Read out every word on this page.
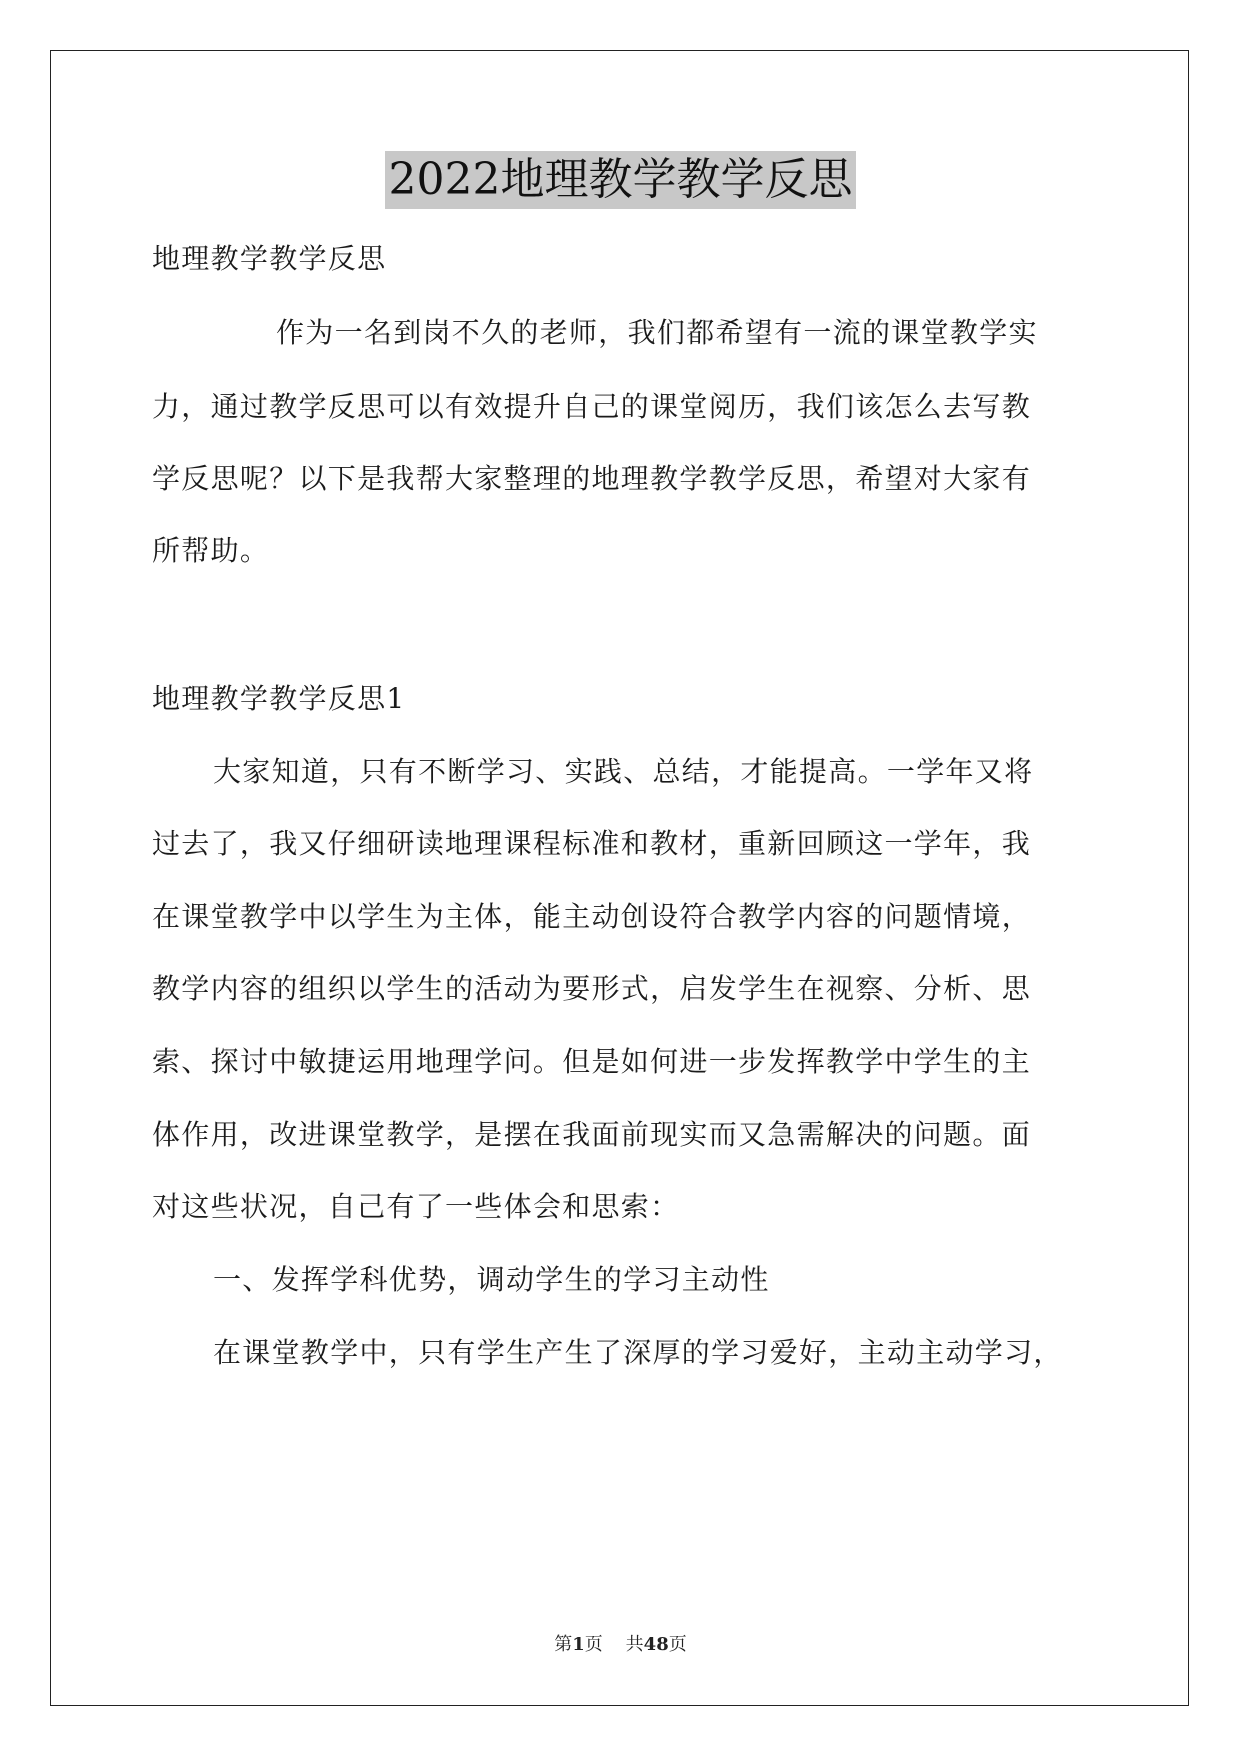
2022地理教学教学反思
地理教学教学反思
作为一名到岗不久的老师，我们都希望有一流的课堂教学实
力，通过教学反思可以有效提升自己的课堂阅历，我们该怎么去写教
学反思呢？以下是我帮大家整理的地理教学教学反思，希望对大家有
所帮助。
地理教学教学反思1
大家知道，只有不断学习、实践、总结，才能提高。一学年又将
过去了，我又仔细研读地理课程标准和教材，重新回顾这一学年，我
在课堂教学中以学生为主体，能主动创设符合教学内容的问题情境，
教学内容的组织以学生的活动为要形式，启发学生在视察、分析、思
索、探讨中敏捷运用地理学问。但是如何进一步发挥教学中学生的主
体作用，改进课堂教学，是摆在我面前现实而又急需解决的问题。面
对这些状况，自己有了一些体会和思索：
一、发挥学科优势，调动学生的学习主动性
在课堂教学中，只有学生产生了深厚的学习爱好，主动主动学习，
第1页 共48页
